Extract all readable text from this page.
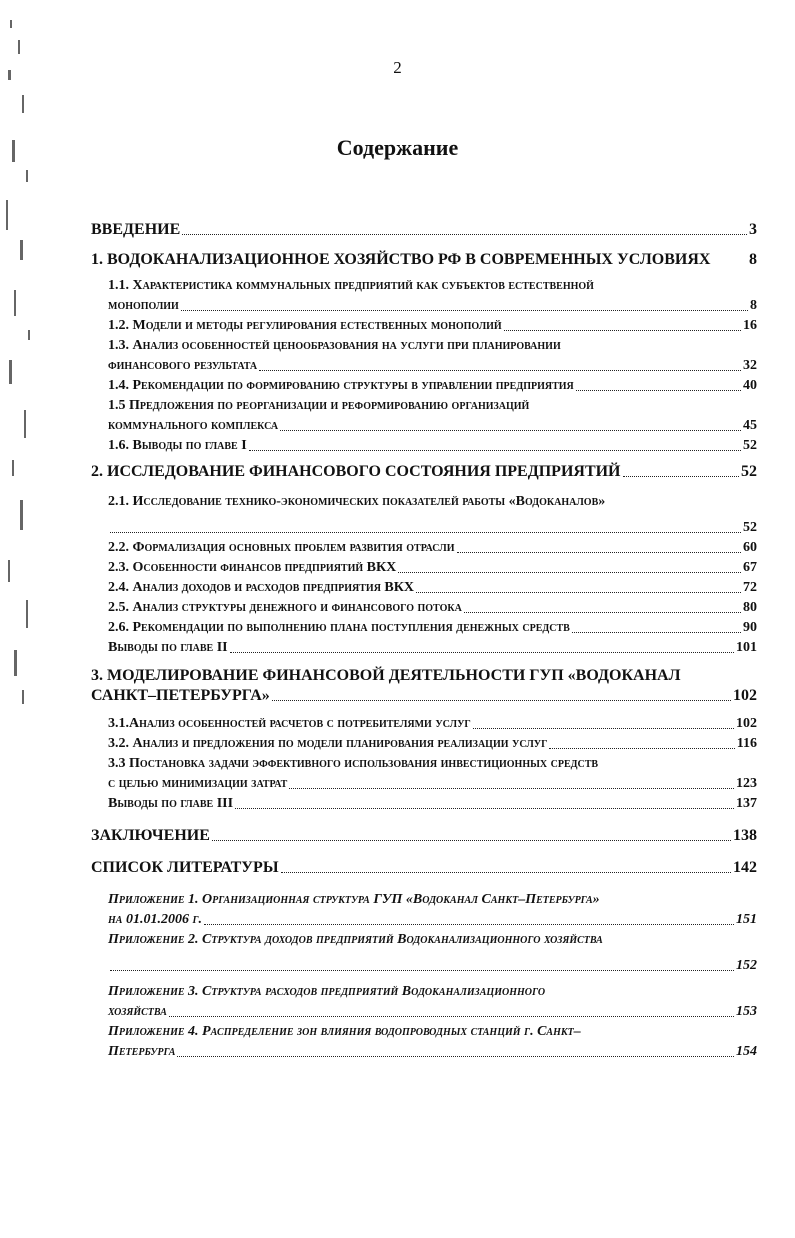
2
Содержание
ВВЕДЕНИЕ	3
1. ВОДОКАНАЛИЗАЦИОННОЕ ХОЗЯЙСТВО РФ В СОВРЕМЕННЫХ УСЛОВИЯХ 8
1.1. Характеристика коммунальных предприятий как субъектов естественной
монополии	8
1.2. Модели и методы регулирования естественных монополий	16
1.3. Анализ особенностей ценообразования на услуги при планировании
финансового результата	32
1.4. Рекомендации по формированию структуры в управлении предприятия	40
1.5 Предложения по реорганизации и реформированию организаций
коммунального комплекса	45
1.6. Выводы по главе I	52
2. ИССЛЕДОВАНИЕ ФИНАНСОВОГО СОСТОЯНИЯ ПРЕДПРИЯТИЙ	52
2.1. Исследование технико-экономических показателей работы «Водоканалов»
52
2.2. Формализация основных проблем развития отрасли	60
2.3. Особенности финансов предприятий ВКХ	67
2.4. Анализ доходов и расходов предприятия ВКХ	72
2.5. Анализ структуры денежного и финансового потока	80
2.6. Рекомендации по выполнению плана поступления денежных средств	90
Выводы по главе II	101
3. МОДЕЛИРОВАНИЕ ФИНАНСОВОЙ ДЕЯТЕЛЬНОСТИ ГУП «ВОДОКАНАЛ
САНКТ–ПЕТЕРБУРГА»	102
3.1.Анализ особенностей расчетов с потребителями услуг	102
3.2. Анализ и предложения по модели планирования реализации услуг	116
3.3 Постановка задачи эффективного использования инвестиционных средств
с целью минимизации затрат	123
Выводы по главе III	137
ЗАКЛЮЧЕНИЕ	138
СПИСОК ЛИТЕРАТУРЫ	142
Приложение 1. Организационная структура ГУП «Водоканал Санкт–Петербурга»
на 01.01.2006 г.	151
Приложение 2. Структура доходов предприятий Водоканализационного хозяйства
152
Приложение 3. Структура расходов предприятий Водоканализационного
хозяйства	153
Приложение 4. Распределение зон влияния водопроводных станций г. Санкт–
Петербурга	154
